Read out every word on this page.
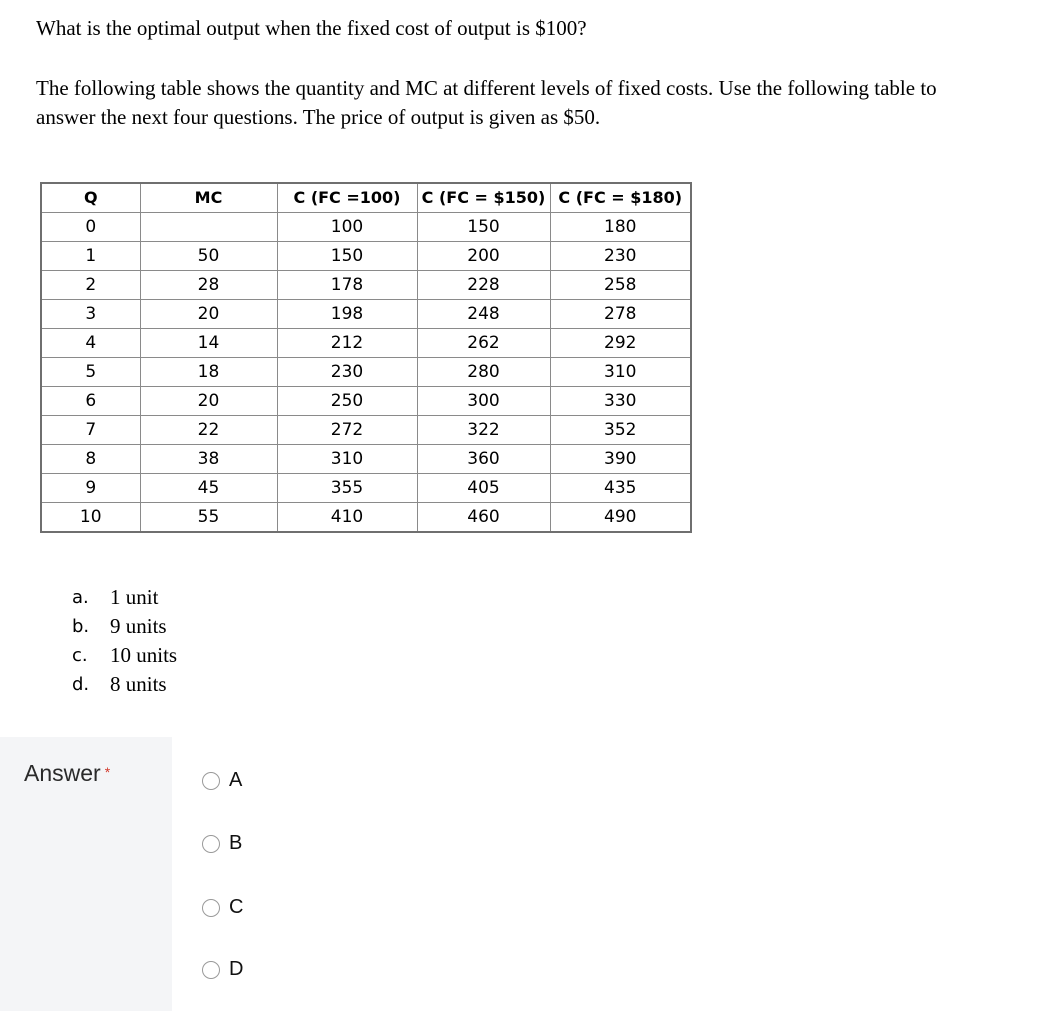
What is the optimal output when the fixed cost of output is $100?

The following table shows the quantity and MC at different levels of fixed costs. Use the following table to answer the next four questions. The price of output is given as $50.

Q	MC	C (FC =100)	C (FC = $150)	C (FC = $180)
0		100	150	180
1	50	150	200	230
2	28	178	228	258
3	20	198	248	278
4	14	212	262	292
5	18	230	280	310
6	20	250	300	330
7	22	272	322	352
8	38	310	360	390
9	45	355	405	435
10	55	410	460	490
a.	1 unit
b. 9 units
c.	10 units
d. 8 units
Answer *	A
B
C
D
